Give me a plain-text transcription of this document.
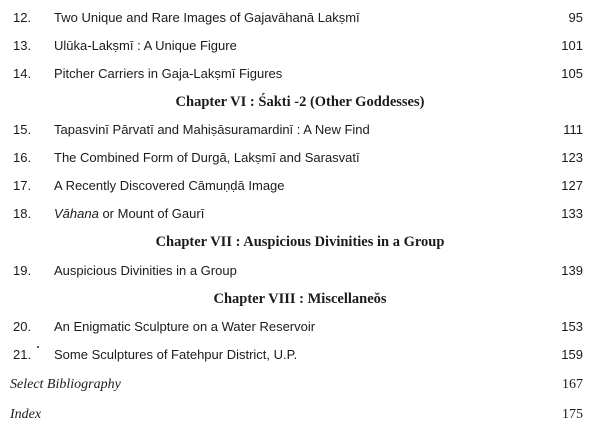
12. Two Unique and Rare Images of Gajavāhanā Lakṣmī	95
13. Ulūka-Lakṣmī : A Unique Figure	101
14. Pitcher Carriers in Gaja-Lakṣmī Figures	105
Chapter VI : Śakti -2 (Other Goddesses)
15. Tapasvinī Pārvatī and Mahiṣāsuramardinī : A New Find	111
16. The Combined Form of Durgā, Lakṣmī and Sarasvatī	123
17. A Recently Discovered Cāmuṇḍā Image	127
18. Vāhana or Mount of Gaurī	133
Chapter VII : Auspicious Divinities in a Group
19. Auspicious Divinities in a Group	139
Chapter VIII : Miscellaneŏs
20. An Enigmatic Sculpture on a Water Reservoir	153
21. Some Sculptures of Fatehpur District, U.P.	159
Select Bibliography	167
Index	175
